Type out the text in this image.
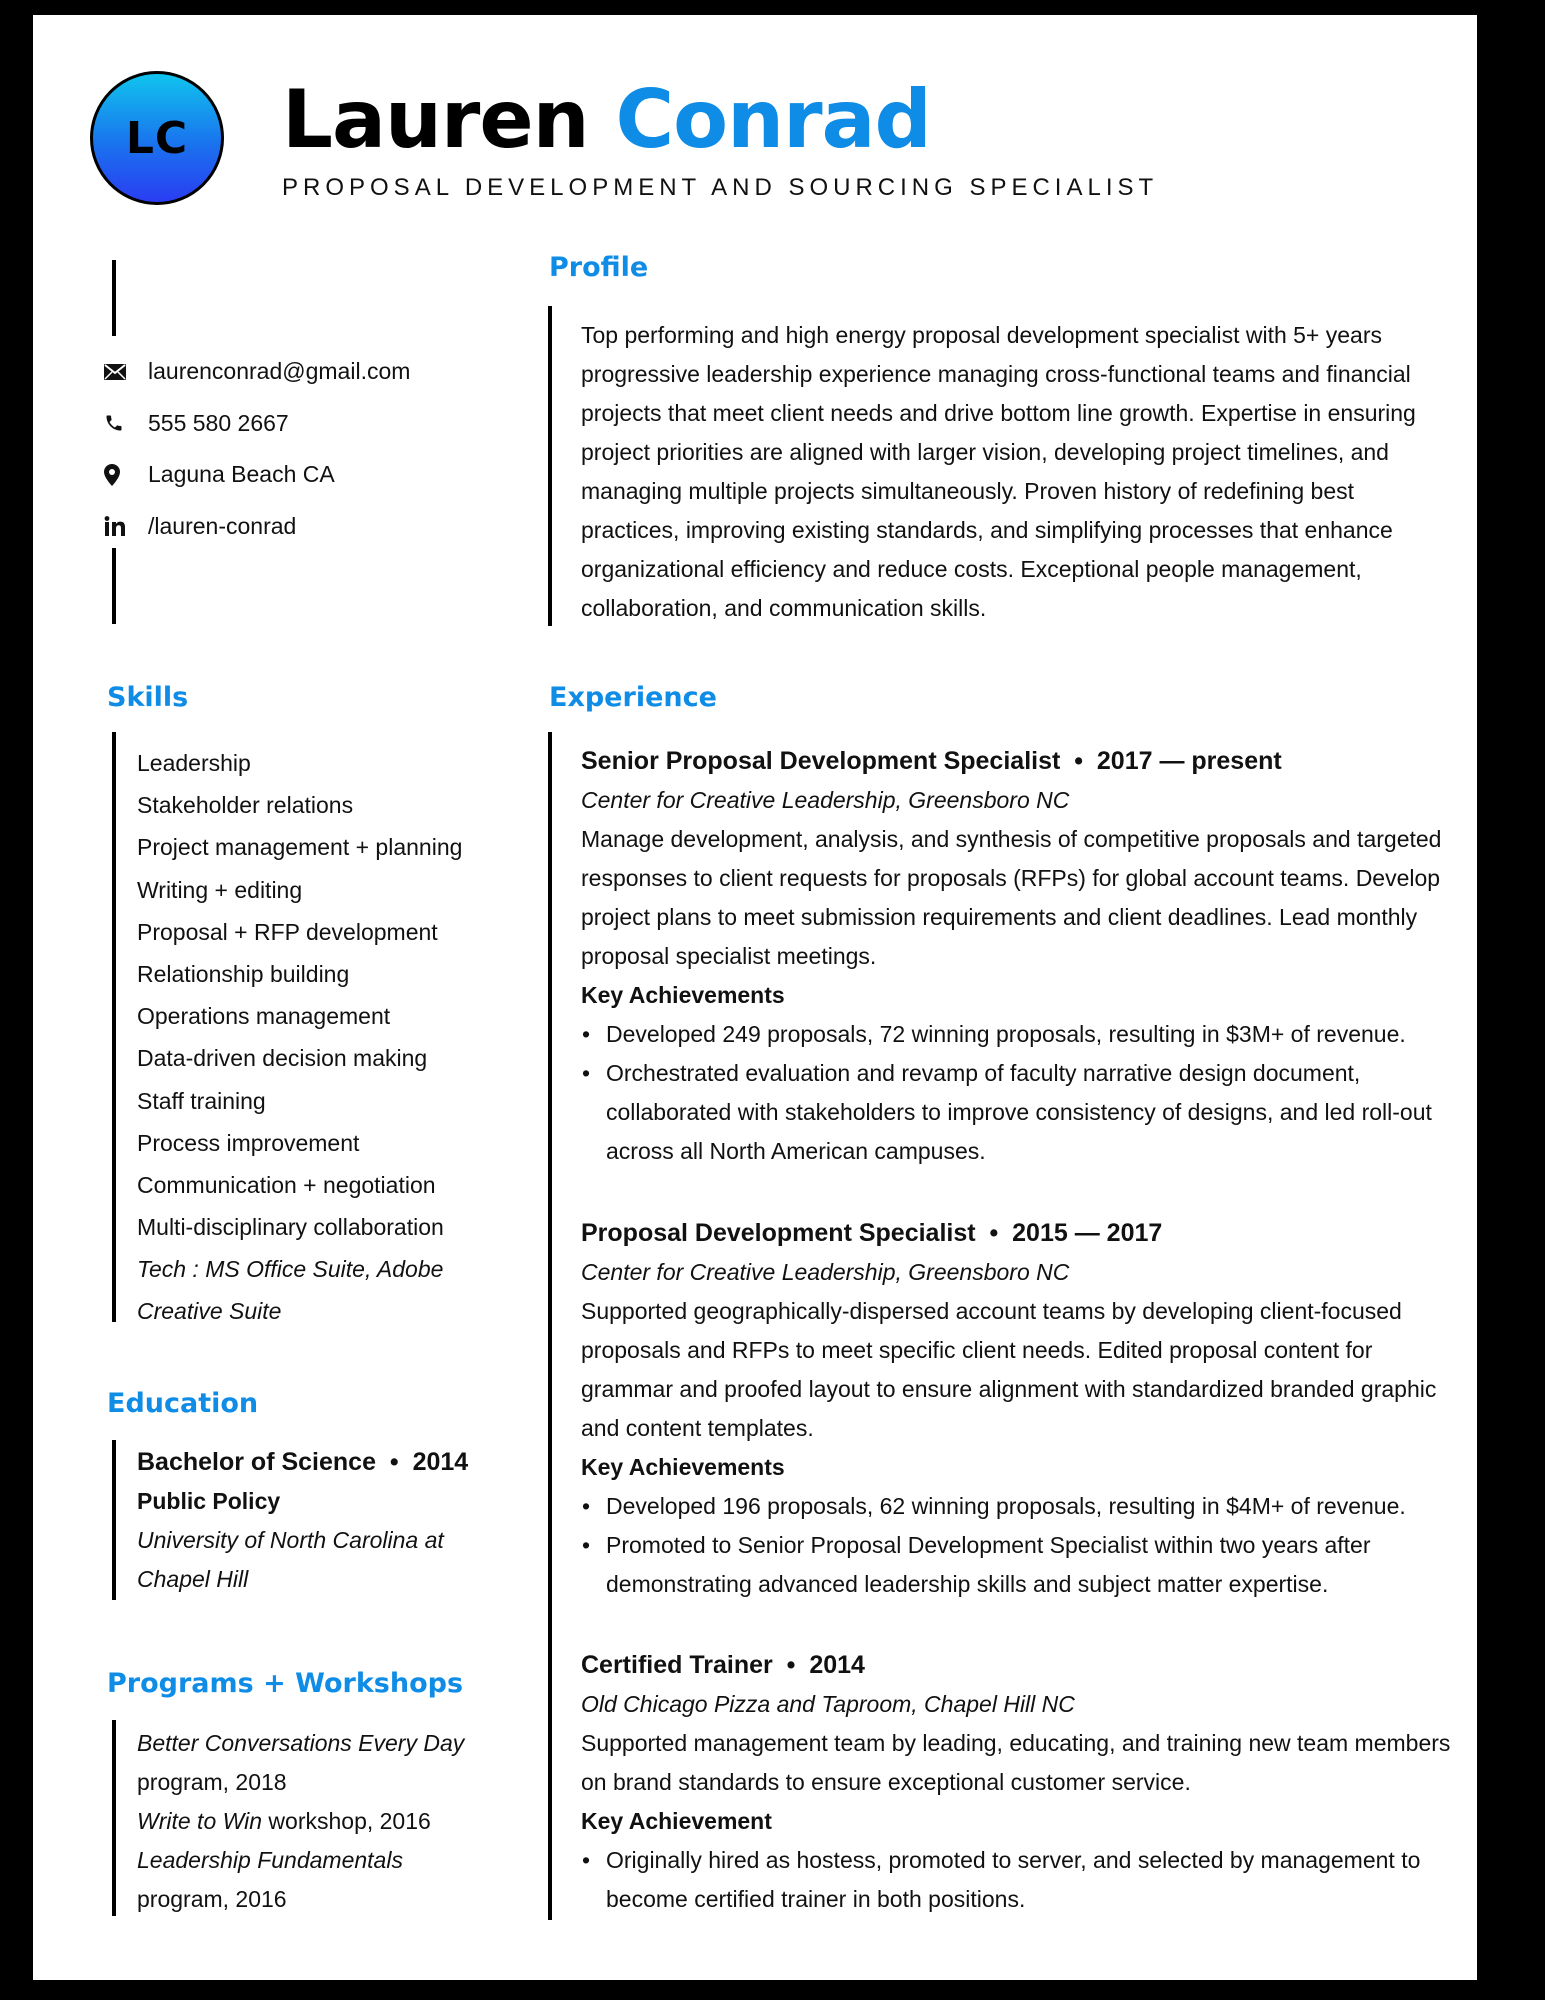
LC Lauren Conrad
PROPOSAL DEVELOPMENT AND SOURCING SPECIALIST
laurenconrad@gmail.com
555 580 2667
Laguna Beach CA
/lauren-conrad
Skills
Leadership
Stakeholder relations
Project management + planning
Writing + editing
Proposal + RFP development
Relationship building
Operations management
Data-driven decision making
Staff training
Process improvement
Communication + negotiation
Multi-disciplinary collaboration
Tech : MS Office Suite, Adobe
Creative Suite
Education
Bachelor of Science • 2014
Public Policy
University of North Carolina at
Chapel Hill
Programs + Workshops
Better Conversations Every Day
program, 2018
Write to Win workshop, 2016
Leadership Fundamentals
program, 2016
Profile
Top performing and high energy proposal development specialist with 5+ years progressive leadership experience managing cross-functional teams and financial projects that meet client needs and drive bottom line growth. Expertise in ensuring project priorities are aligned with larger vision, developing project timelines, and managing multiple projects simultaneously. Proven history of redefining best practices, improving existing standards, and simplifying processes that enhance organizational efficiency and reduce costs. Exceptional people management, collaboration, and communication skills.
Experience
Senior Proposal Development Specialist • 2017 — present
Center for Creative Leadership, Greensboro NC
Manage development, analysis, and synthesis of competitive proposals and targeted responses to client requests for proposals (RFPs) for global account teams. Develop project plans to meet submission requirements and client deadlines. Lead monthly proposal specialist meetings.
Key Achievements
• Developed 249 proposals, 72 winning proposals, resulting in $3M+ of revenue.
• Orchestrated evaluation and revamp of faculty narrative design document, collaborated with stakeholders to improve consistency of designs, and led roll-out across all North American campuses.
Proposal Development Specialist • 2015 — 2017
Center for Creative Leadership, Greensboro NC
Supported geographically-dispersed account teams by developing client-focused proposals and RFPs to meet specific client needs. Edited proposal content for grammar and proofed layout to ensure alignment with standardized branded graphic and content templates.
Key Achievements
• Developed 196 proposals, 62 winning proposals, resulting in $4M+ of revenue.
• Promoted to Senior Proposal Development Specialist within two years after demonstrating advanced leadership skills and subject matter expertise.
Certified Trainer • 2014
Old Chicago Pizza and Taproom, Chapel Hill NC
Supported management team by leading, educating, and training new team members on brand standards to ensure exceptional customer service.
Key Achievement
• Originally hired as hostess, promoted to server, and selected by management to become certified trainer in both positions.
